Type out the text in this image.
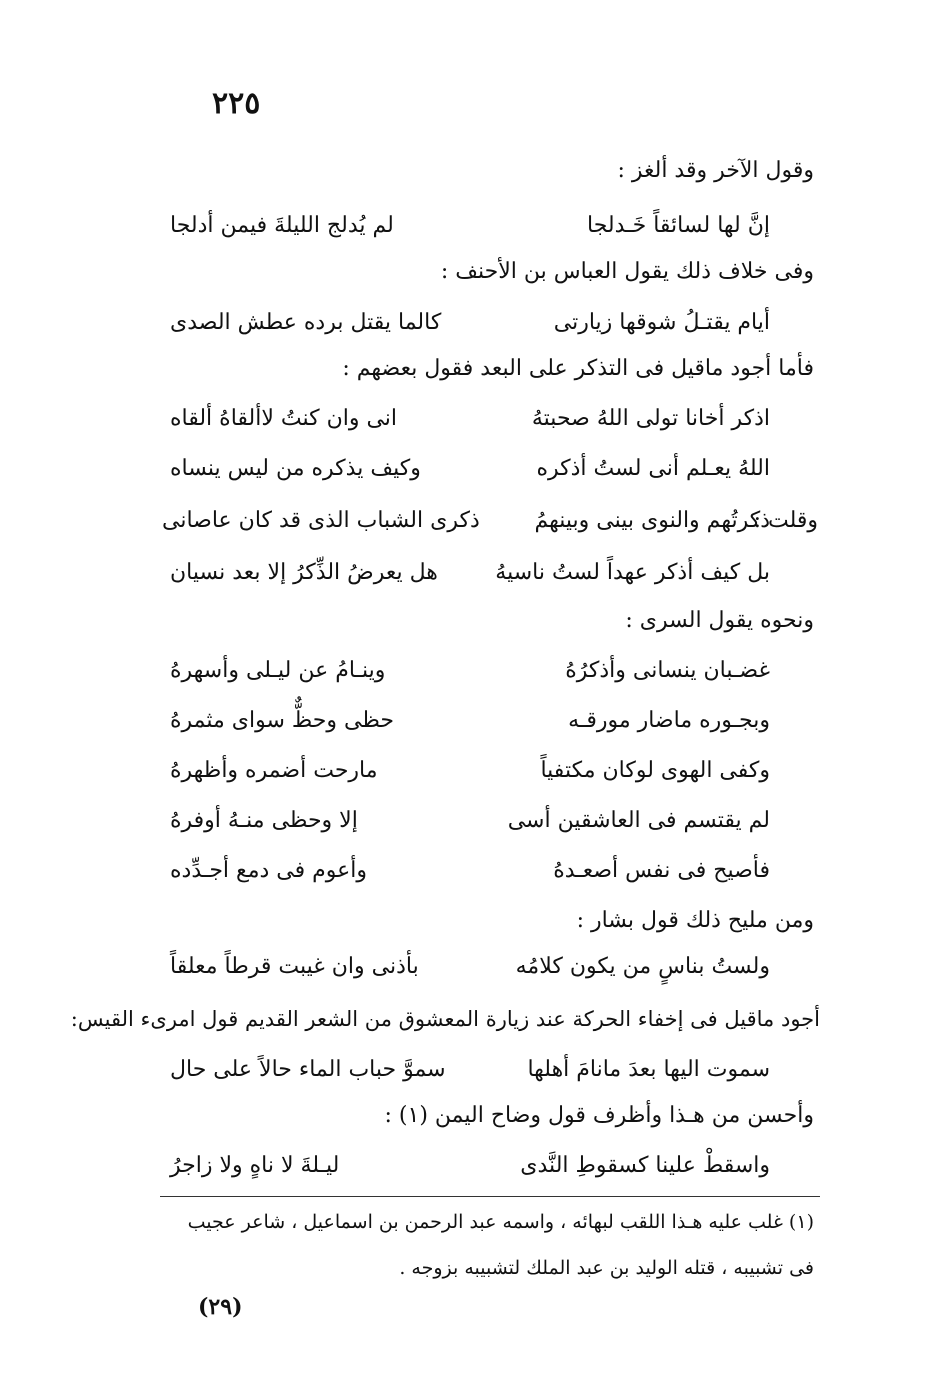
٢٢٥
وقول الآخر وقد ألغز :
إنَّ لها لسائقاً خَـدلجا
لم يُدلج الليلةَ فيمن أدلجا
وفى خلاف ذلك يقول العباس بن الأحنف :
أيام يقتـلُ شوقها زيارتى
كالما يقتل برده عطش الصدى
فأما أجود ماقيل فى التذكر على البعد فقول بعضهم :
اذكر أخانا تولى اللهُ صحبتهُ
انى وان كنتُ لاألقاهُ ألقاه
اللهُ يعـلم أنى لستُ أذكره
وكيف يذكره من ليس ينساه
وقلت :
ذكرتُهم والنوى بينى وبينهمُ
ذكرى الشباب الذى قد كان عاصانى
بل كيف أذكر عهداً لستُ ناسيهُ
هل يعرضُ الذِّكرُ إلا بعد نسيان
ونحوه يقول السرى :
غضـبان ينسانى وأذكرُهُ
وينـامُ عن ليـلى وأسهرهُ
وبجـوره ماضار مورقـه
حظى وحظٌّ سواى مثمرهُ
وكفى الهوى لوكان مكتفياً
مارحت أضمره وأظهرهُ
لم يقتسم فى العاشقين أسى
إلا وحظى منـهُ أوفرهُ
فأصيح فى نفس أصعـدهُ
وأعوم فى دمع أجـدِّده
ومن مليح ذلك قول بشار :
ولستُ بناسٍ من يكون كلامُه
بأذنى وان غيبت قرطاً معلقاً
أجود ماقيل فى إخفاء الحركة عند زيارة المعشوق من الشعر القديم قول امرىء القيس:
سموت اليها بعدَ مانامَ أهلها
سموَّ حباب الماء حالاً على حال
وأحسن من هـذا وأظرف قول وضاح اليمن (١) :
واسقطْ علينا كسقوطِ النَّدى
ليـلةَ لا ناهٍ ولا زاجرُ
(١) غلب عليه هـذا اللقب لبهائه ، واسمه عبد الرحمن بن اسماعيل ، شاعر عجيب
فى تشبيبه ، قتله الوليد بن عبد الملك لتشبيبه بزوجه .
(٢٩)
